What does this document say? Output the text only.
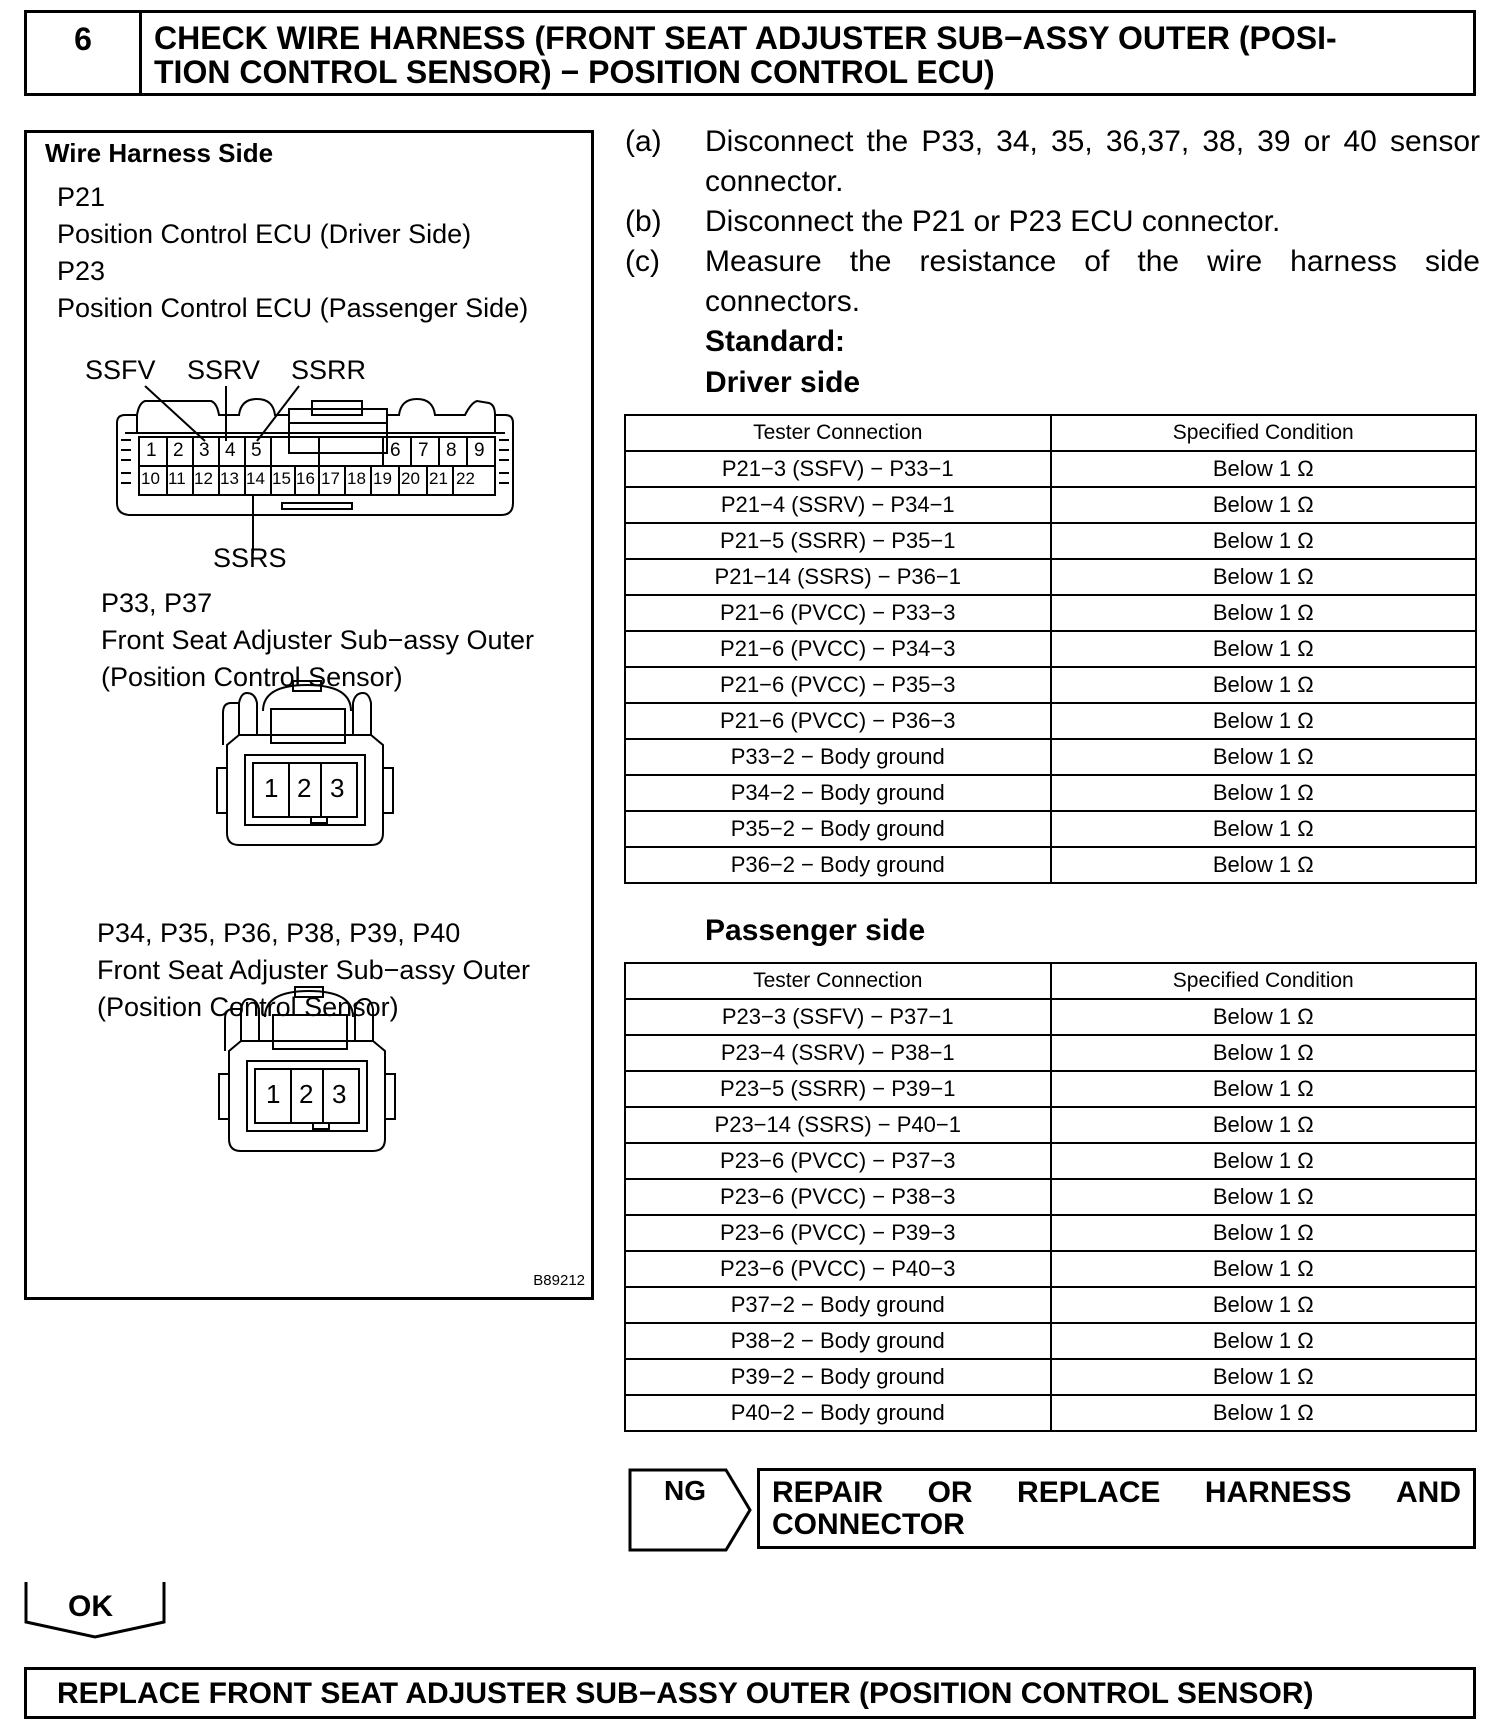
6	CHECK WIRE HARNESS (FRONT SEAT ADJUSTER SUB−ASSY OUTER (POSI-
TION CONTROL SENSOR) − POSITION CONTROL ECU)
Wire Harness Side
P21
Position Control ECU (Driver Side)
P23
Position Control ECU (Passenger Side)
SSFV SSRV SSRR
SSRS
1 2 3 4 5	6 7 8 9
10 11 12 13 14 15 16 17 18 19 20 21 22
P33, P37
Front Seat Adjuster Sub−assy Outer
(Position Control Sensor)
1 2 3
P34, P35, P36, P38, P39, P40
Front Seat Adjuster Sub−assy Outer
(Position Control Sensor)
1 2 3
B89212
(a)	Disconnect the P33, 34, 35, 36,37, 38, 39 or 40 sensor connector.
(b)	Disconnect the P21 or P23 ECU connector.
(c)	Measure the resistance of the wire harness side connectors.
Standard:
Driver side
Tester Connection	Specified Condition
P21−3 (SSFV) − P33−1	Below 1 Ω
P21−4 (SSRV) − P34−1	Below 1 Ω
P21−5 (SSRR) − P35−1	Below 1 Ω
P21−14 (SSRS) − P36−1	Below 1 Ω
P21−6 (PVCC) − P33−3	Below 1 Ω
P21−6 (PVCC) − P34−3	Below 1 Ω
P21−6 (PVCC) − P35−3	Below 1 Ω
P21−6 (PVCC) − P36−3	Below 1 Ω
P33−2 − Body ground	Below 1 Ω
P34−2 − Body ground	Below 1 Ω
P35−2 − Body ground	Below 1 Ω
P36−2 − Body ground	Below 1 Ω
Passenger side
Tester Connection	Specified Condition
P23−3 (SSFV) − P37−1	Below 1 Ω
P23−4 (SSRV) − P38−1	Below 1 Ω
P23−5 (SSRR) − P39−1	Below 1 Ω
P23−14 (SSRS) − P40−1	Below 1 Ω
P23−6 (PVCC) − P37−3	Below 1 Ω
P23−6 (PVCC) − P38−3	Below 1 Ω
P23−6 (PVCC) − P39−3	Below 1 Ω
P23−6 (PVCC) − P40−3	Below 1 Ω
P37−2 − Body ground	Below 1 Ω
P38−2 − Body ground	Below 1 Ω
P39−2 − Body ground	Below 1 Ω
P40−2 − Body ground	Below 1 Ω
NG REPAIR OR REPLACE HARNESS AND
CONNECTOR
OK
REPLACE FRONT SEAT ADJUSTER SUB−ASSY OUTER (POSITION CONTROL SENSOR)
